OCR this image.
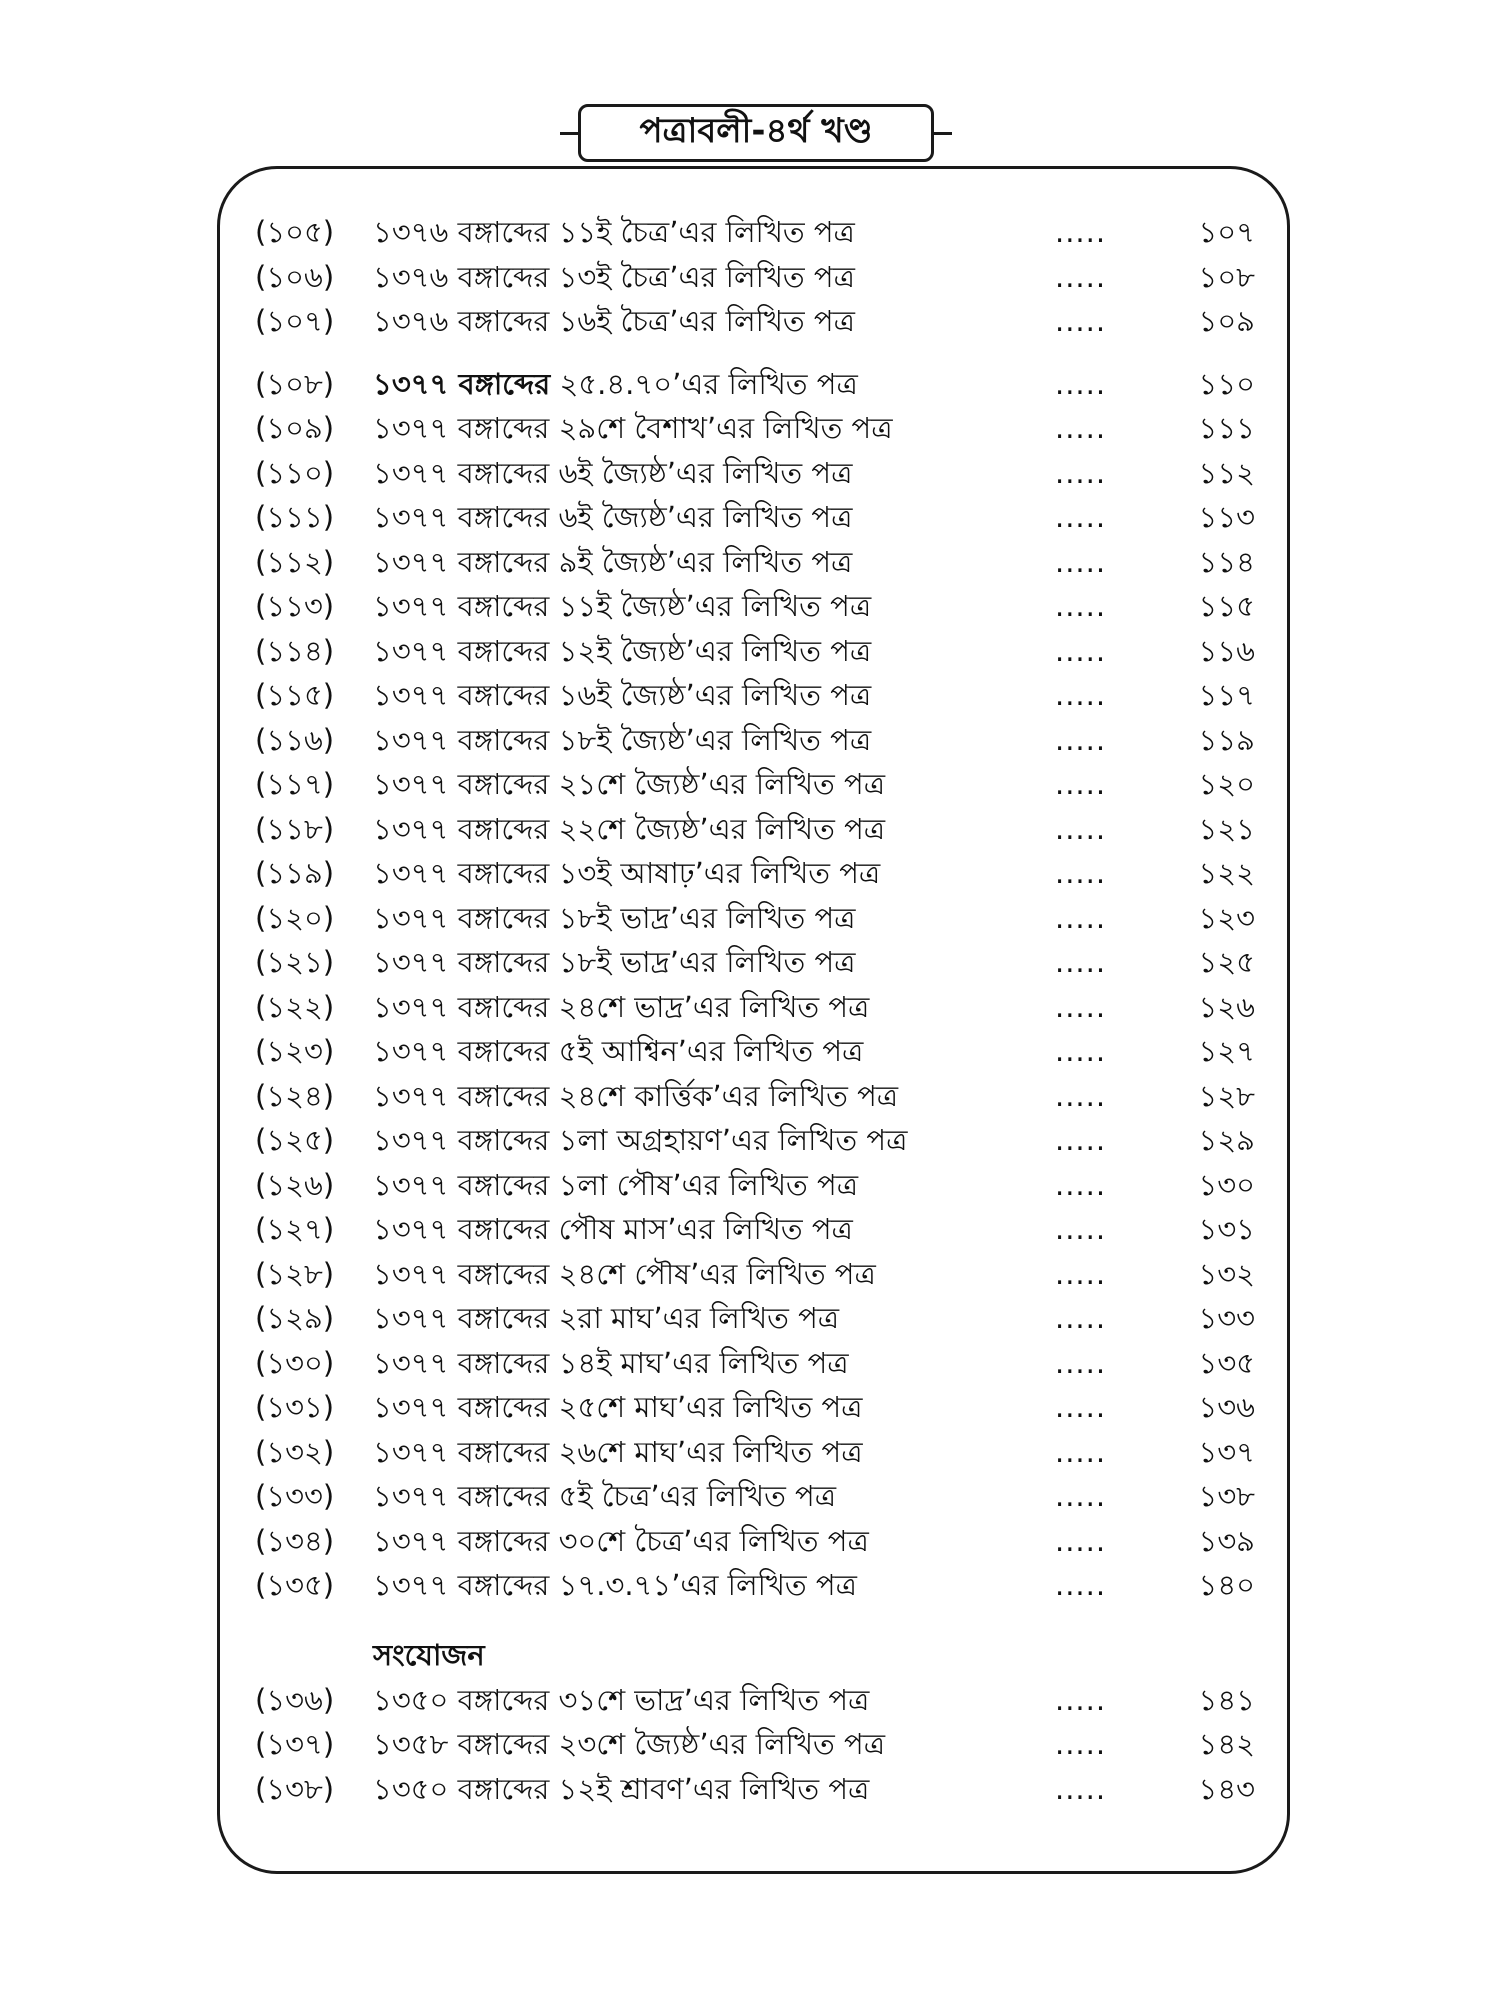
পত্রাবলী-৪র্থ খণ্ড
(১০৫) ১৩৭৬ বঙ্গাব্দের ১১ই চৈত্র’এর লিখিত পত্র	.....	১০৭
(১০৬) ১৩৭৬ বঙ্গাব্দের ১৩ই চৈত্র’এর লিখিত পত্র	.....	১০৮
(১০৭) ১৩৭৬ বঙ্গাব্দের ১৬ই চৈত্র’এর লিখিত পত্র	.....	১০৯
(১০৮) ১৩৭৭ বঙ্গাব্দের ২৫.৪.৭০’এর লিখিত পত্র	.....	১১০
(১০৯) ১৩৭৭ বঙ্গাব্দের ২৯শে বৈশাখ’এর লিখিত পত্র	.....	১১১
(১১০) ১৩৭৭ বঙ্গাব্দের ৬ই জ্যৈষ্ঠ’এর লিখিত পত্র	.....	১১২
(১১১) ১৩৭৭ বঙ্গাব্দের ৬ই জ্যৈষ্ঠ’এর লিখিত পত্র	.....	১১৩
(১১২) ১৩৭৭ বঙ্গাব্দের ৯ই জ্যৈষ্ঠ’এর লিখিত পত্র	.....	১১৪
(১১৩) ১৩৭৭ বঙ্গাব্দের ১১ই জ্যৈষ্ঠ’এর লিখিত পত্র	.....	১১৫
(১১৪) ১৩৭৭ বঙ্গাব্দের ১২ই জ্যৈষ্ঠ’এর লিখিত পত্র	.....	১১৬
(১১৫) ১৩৭৭ বঙ্গাব্দের ১৬ই জ্যৈষ্ঠ’এর লিখিত পত্র	.....	১১৭
(১১৬) ১৩৭৭ বঙ্গাব্দের ১৮ই জ্যৈষ্ঠ’এর লিখিত পত্র	.....	১১৯
(১১৭) ১৩৭৭ বঙ্গাব্দের ২১শে জ্যৈষ্ঠ’এর লিখিত পত্র	.....	১২০
(১১৮) ১৩৭৭ বঙ্গাব্দের ২২শে জ্যৈষ্ঠ’এর লিখিত পত্র	.....	১২১
(১১৯) ১৩৭৭ বঙ্গাব্দের ১৩ই আষাঢ়’এর লিখিত পত্র	.....	১২২
(১২০) ১৩৭৭ বঙ্গাব্দের ১৮ই ভাদ্র’এর লিখিত পত্র	.....	১২৩
(১২১) ১৩৭৭ বঙ্গাব্দের ১৮ই ভাদ্র’এর লিখিত পত্র	.....	১২৫
(১২২) ১৩৭৭ বঙ্গাব্দের ২৪শে ভাদ্র’এর লিখিত পত্র	.....	১২৬
(১২৩) ১৩৭৭ বঙ্গাব্দের ৫ই আশ্বিন’এর লিখিত পত্র	.....	১২৭
(১২৪) ১৩৭৭ বঙ্গাব্দের ২৪শে কার্ত্তিক’এর লিখিত পত্র	.....	১২৮
(১২৫) ১৩৭৭ বঙ্গাব্দের ১লা অগ্রহায়ণ’এর লিখিত পত্র	.....	১২৯
(১২৬) ১৩৭৭ বঙ্গাব্দের ১লা পৌষ’এর লিখিত পত্র	.....	১৩০
(১২৭) ১৩৭৭ বঙ্গাব্দের পৌষ মাস’এর লিখিত পত্র	.....	১৩১
(১২৮) ১৩৭৭ বঙ্গাব্দের ২৪শে পৌষ’এর লিখিত পত্র	.....	১৩২
(১২৯) ১৩৭৭ বঙ্গাব্দের ২রা মাঘ’এর লিখিত পত্র	.....	১৩৩
(১৩০) ১৩৭৭ বঙ্গাব্দের ১৪ই মাঘ’এর লিখিত পত্র	.....	১৩৫
(১৩১) ১৩৭৭ বঙ্গাব্দের ২৫শে মাঘ’এর লিখিত পত্র	.....	১৩৬
(১৩২) ১৩৭৭ বঙ্গাব্দের ২৬শে মাঘ’এর লিখিত পত্র	.....	১৩৭
(১৩৩) ১৩৭৭ বঙ্গাব্দের ৫ই চৈত্র’এর লিখিত পত্র	.....	১৩৮
(১৩৪) ১৩৭৭ বঙ্গাব্দের ৩০শে চৈত্র’এর লিখিত পত্র	.....	১৩৯
(১৩৫) ১৩৭৭ বঙ্গাব্দের ১৭.৩.৭১’এর লিখিত পত্র	.....	১৪০
সংযোজন
(১৩৬) ১৩৫০ বঙ্গাব্দের ৩১শে ভাদ্র’এর লিখিত পত্র	.....	১৪১
(১৩৭) ১৩৫৮ বঙ্গাব্দের ২৩শে জ্যৈষ্ঠ’এর লিখিত পত্র	.....	১৪২
(১৩৮) ১৩৫০ বঙ্গাব্দের ১২ই শ্রাবণ’এর লিখিত পত্র	.....	১৪৩
